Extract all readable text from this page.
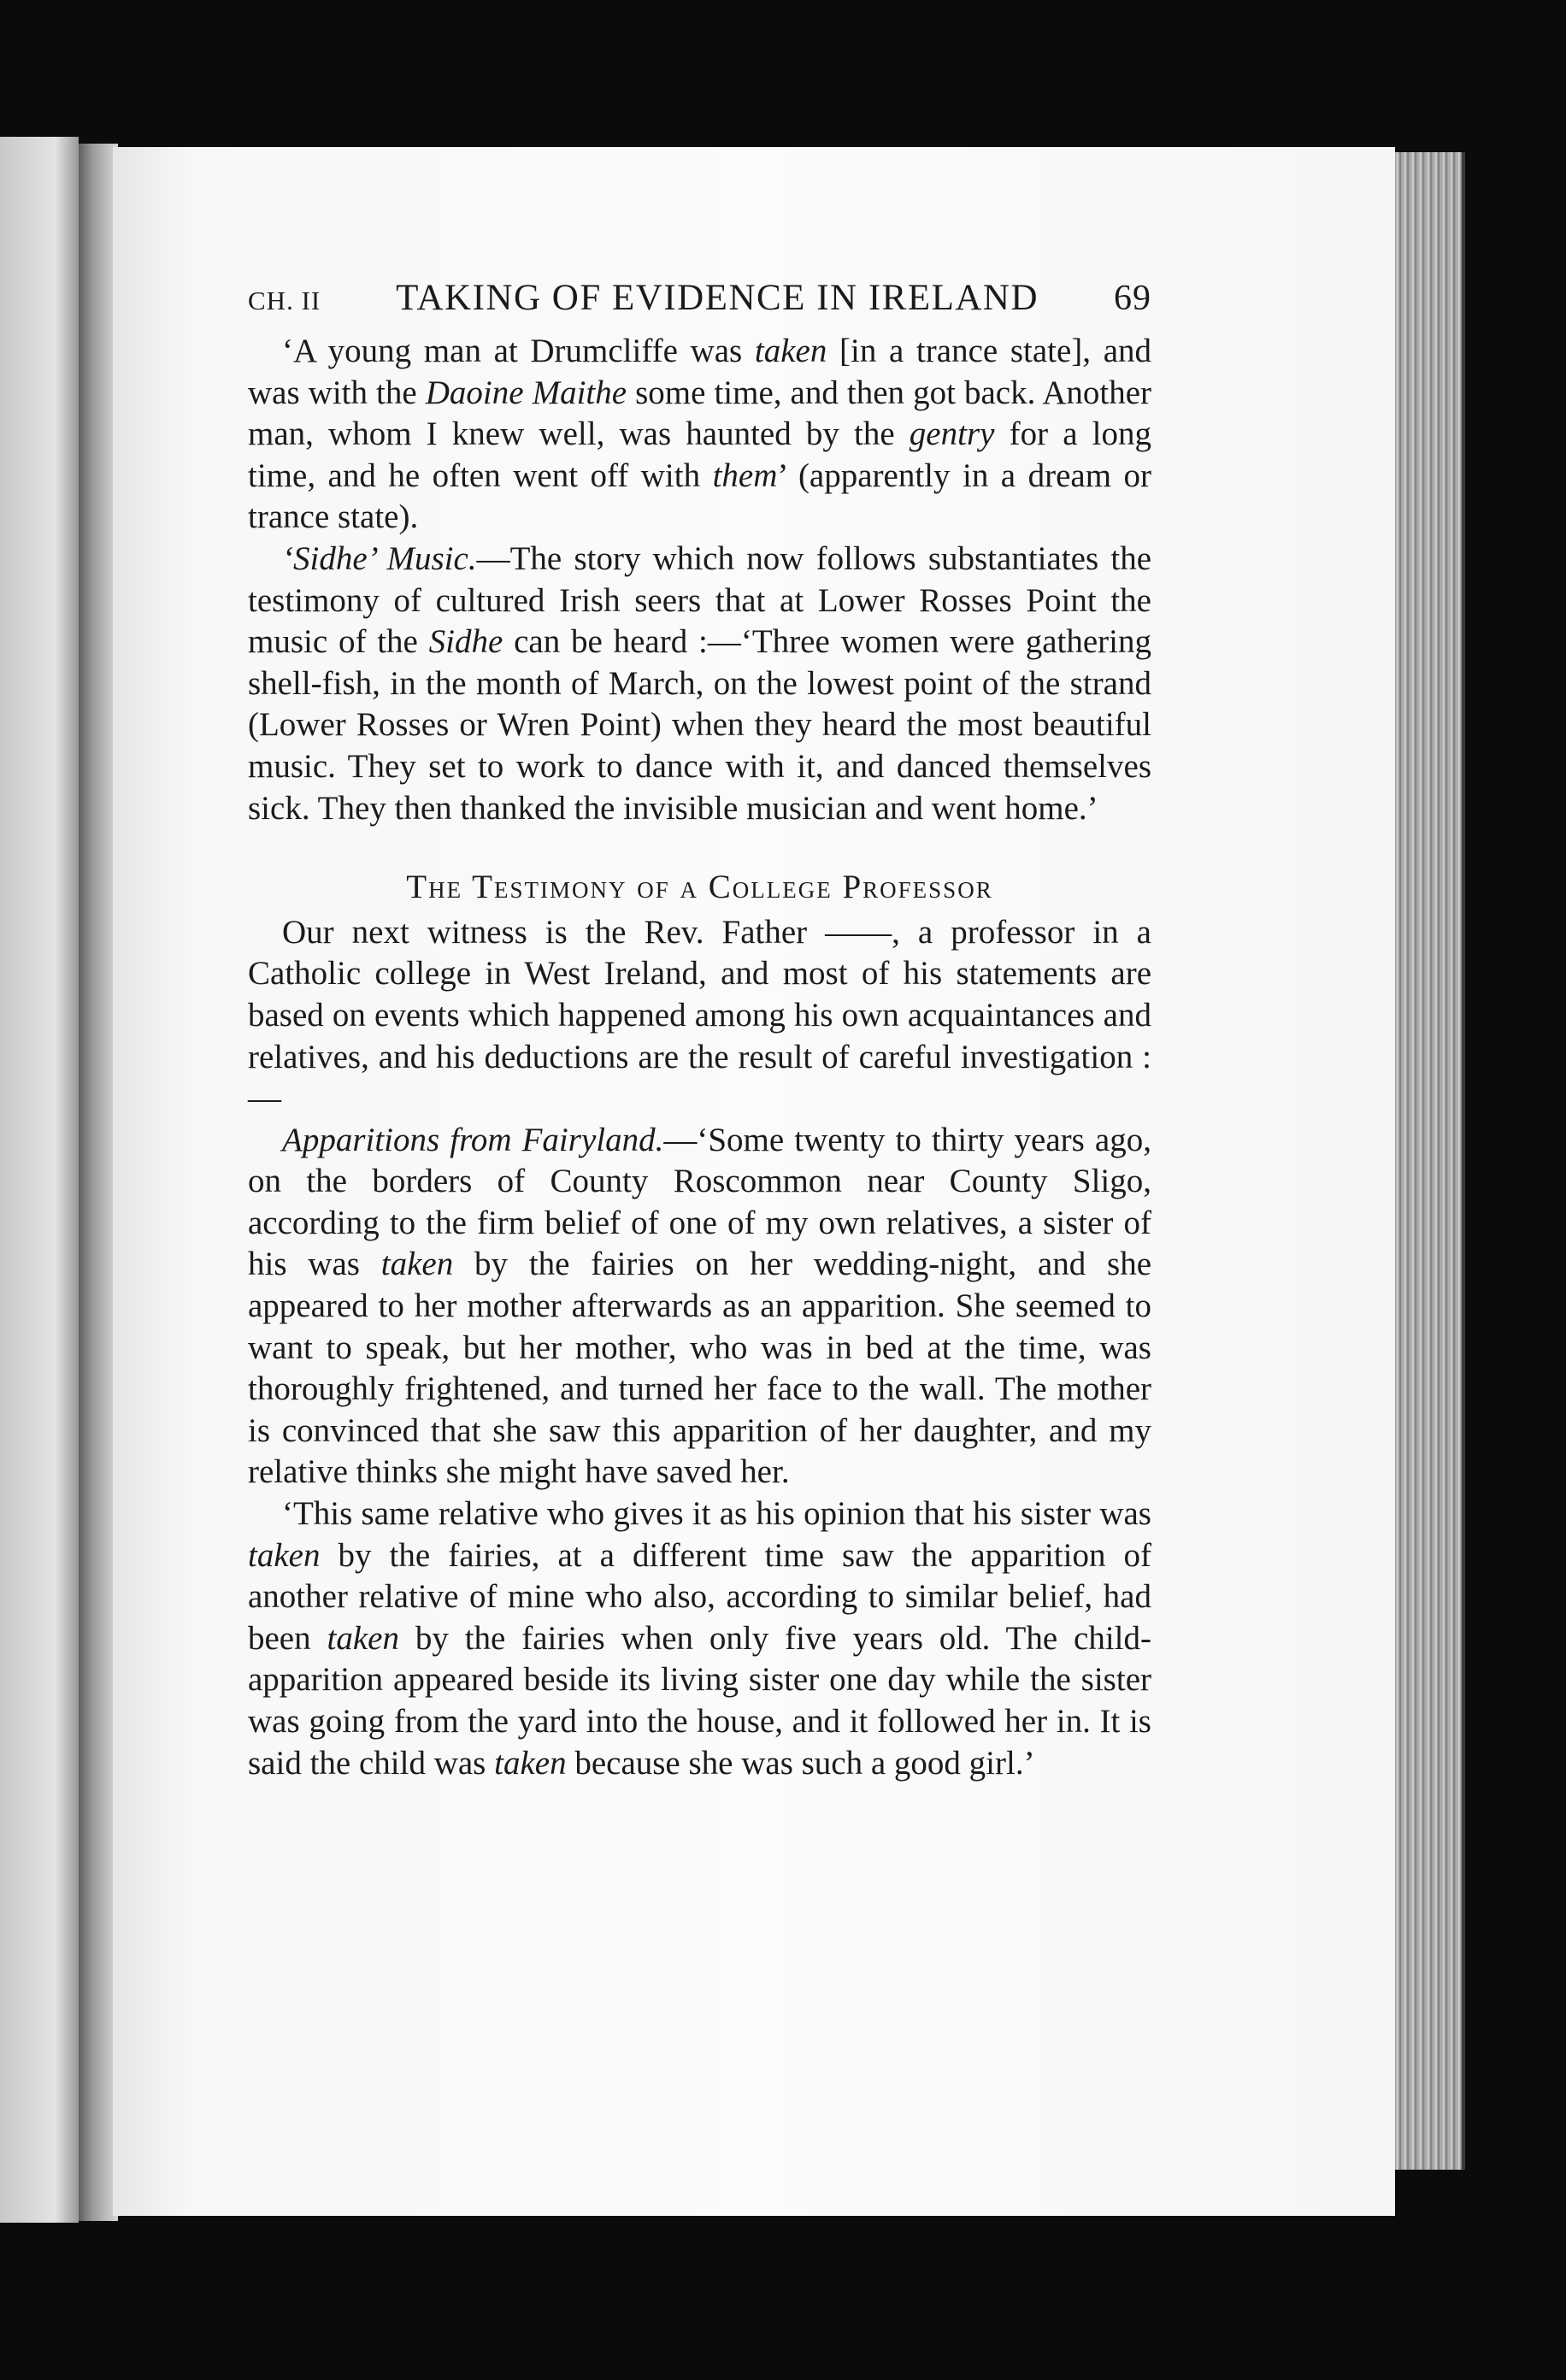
CH. II TAKING OF EVIDENCE IN IRELAND 69

‘A young man at Drumcliffe was taken [in a trance state], and was with the Daoine Maithe some time, and then got back. Another man, whom I knew well, was haunted by the gentry for a long time, and he often went off with them’ (apparently in a dream or trance state).

‘Sidhe’ Music.—The story which now follows substantiates the testimony of cultured Irish seers that at Lower Rosses Point the music of the Sidhe can be heard :—‘Three women were gathering shell-fish, in the month of March, on the lowest point of the strand (Lower Rosses or Wren Point) when they heard the most beautiful music. They set to work to dance with it, and danced themselves sick. They then thanked the invisible musician and went home.’

The Testimony of a College Professor

Our next witness is the Rev. Father ——, a professor in a Catholic college in West Ireland, and most of his statements are based on events which happened among his own acquaintances and relatives, and his deductions are the result of careful investigation :—

Apparitions from Fairyland.—‘Some twenty to thirty years ago, on the borders of County Roscommon near County Sligo, according to the firm belief of one of my own relatives, a sister of his was taken by the fairies on her wedding-night, and she appeared to her mother afterwards as an apparition. She seemed to want to speak, but her mother, who was in bed at the time, was thoroughly frightened, and turned her face to the wall. The mother is convinced that she saw this apparition of her daughter, and my relative thinks she might have saved her.

‘This same relative who gives it as his opinion that his sister was taken by the fairies, at a different time saw the apparition of another relative of mine who also, according to similar belief, had been taken by the fairies when only five years old. The child-apparition appeared beside its living sister one day while the sister was going from the yard into the house, and it followed her in. It is said the child was taken because she was such a good girl.’
